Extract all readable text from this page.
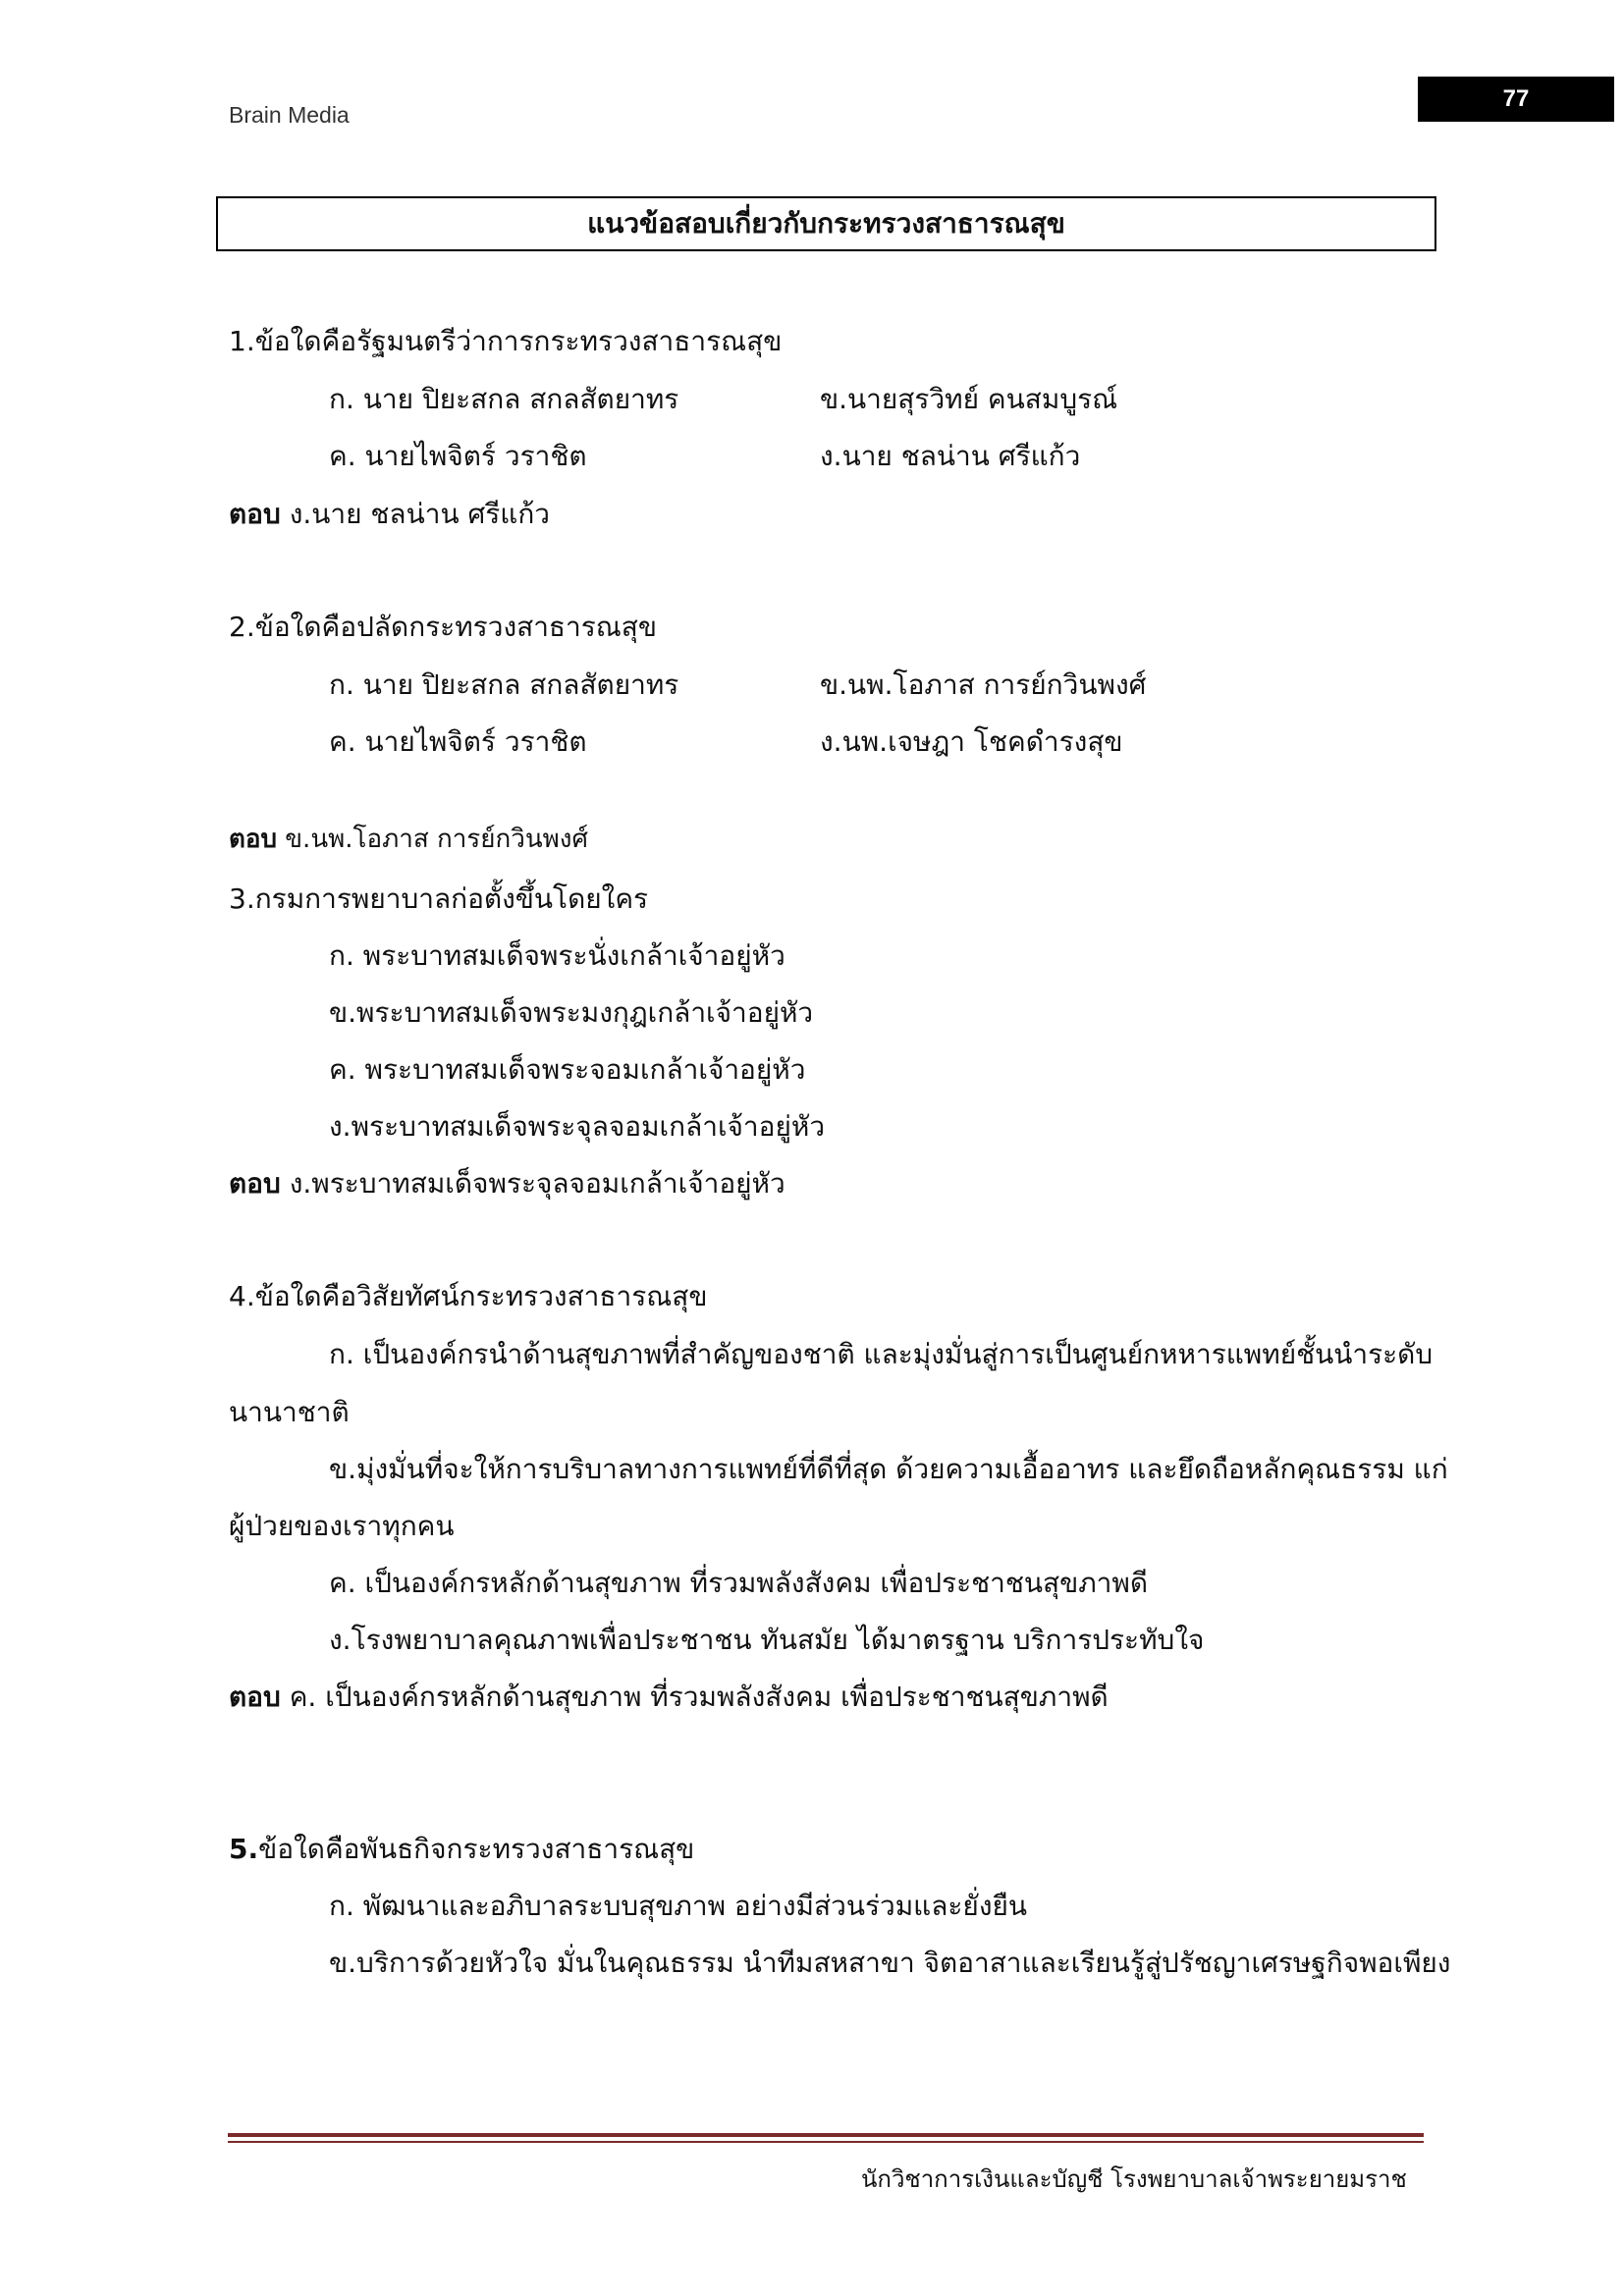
Brain Media
77
แนวข้อสอบเกี่ยวกับกระทรวงสาธารณสุข
1.ข้อใดคือรัฐมนตรีว่าการกระทรวงสาธารณสุข
ก. นาย ปิยะสกล สกลสัตยาทร	ข.นายสุรวิทย์ คนสมบูรณ์
ค. นายไพจิตร์ วราชิต	ง.นาย ชลน่าน ศรีแก้ว
ตอบ ง.นาย ชลน่าน ศรีแก้ว
2.ข้อใดคือปลัดกระทรวงสาธารณสุข
ก. นาย ปิยะสกล สกลสัตยาทร	ข.นพ.โอภาส การย์กวินพงศ์
ค. นายไพจิตร์ วราชิต	ง.นพ.เจษฎา โชคดำรงสุข
ตอบ ข.นพ.โอภาส การย์กวินพงศ์
3.กรมการพยาบาลก่อตั้งขึ้นโดยใคร
ก. พระบาทสมเด็จพระนั่งเกล้าเจ้าอยู่หัว
ข.พระบาทสมเด็จพระมงกุฎเกล้าเจ้าอยู่หัว
ค. พระบาทสมเด็จพระจอมเกล้าเจ้าอยู่หัว
ง.พระบาทสมเด็จพระจุลจอมเกล้าเจ้าอยู่หัว
ตอบ ง.พระบาทสมเด็จพระจุลจอมเกล้าเจ้าอยู่หัว
4.ข้อใดคือวิสัยทัศน์กระทรวงสาธารณสุข
ก. เป็นองค์กรนำด้านสุขภาพที่สำคัญของชาติ และมุ่งมั่นสู่การเป็นศูนย์กหหารแพทย์ชั้นนำระดับ
นานาชาติ
ข.มุ่งมั่นที่จะให้การบริบาลทางการแพทย์ที่ดีที่สุด ด้วยความเอื้ออาทร และยึดถือหลักคุณธรรม แก่
ผู้ป่วยของเราทุกคน
ค. เป็นองค์กรหลักด้านสุขภาพ ที่รวมพลังสังคม เพื่อประชาชนสุขภาพดี
ง.โรงพยาบาลคุณภาพเพื่อประชาชน ทันสมัย ได้มาตรฐาน บริการประทับใจ
ตอบ ค. เป็นองค์กรหลักด้านสุขภาพ ที่รวมพลังสังคม เพื่อประชาชนสุขภาพดี
5.ข้อใดคือพันธกิจกระทรวงสาธารณสุข
ก. พัฒนาและอภิบาลระบบสุขภาพ อย่างมีส่วนร่วมและยั่งยืน
ข.บริการด้วยหัวใจ มั่นในคุณธรรม นำทีมสหสาขา จิตอาสาและเรียนรู้สู่ปรัชญาเศรษฐกิจพอเพียง
นักวิชาการเงินและบัญชี โรงพยาบาลเจ้าพระยายมราช
